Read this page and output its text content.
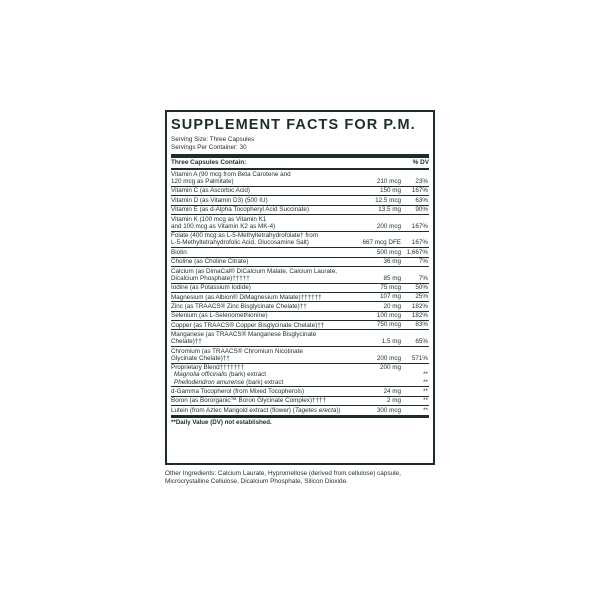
SUPPLEMENT FACTS FOR P.M.
Serving Size: Three Capsules
Servings Per Container: 30
Three Capsules Contain:	% DV
Vitamin A (90 mcg from Beta Carotene and
120 mcg as Palmitate)	210 mcg 23%
Vitamin C (as Ascorbic Acid)	150 mg 167%
Vitamin D (as Vitamin D3) (500 IU)	12.5 mcg 63%
Vitamin E (as d-Alpha Tocopheryl Acid Succinate)	13.5 mg 90%
Vitamin K (100 mcg as Vitamin K1
and 100 mcg as Vitamin K2 as MK-4)	200 mcg 167%
Folate (400 mcg as L-5-Methyltetrahydrofolate† from
L-5-Methyltetrahydrofolic Acid, Glucosamine Salt)	667 mcg DFE 167%
Biotin	500 mcg 1,667%
Choline (as Choline Citrate)	36 mg	7%
Calcium (as DimaCal® DiCalcium Malate, Calcium Laurate,
Dicalcium Phosphate)†††††	85 mg	7%
Iodine (as Potassium Iodide)	75 mcg 50%
Magnesium (as Albion® DiMagnesium Malate)††††††	107 mg 25%
Zinc (as TRAACS® Zinc Bisglycinate Chelate)††	20 mg 182%
Selenium (as L-Selenomethionine)	100 mcg 182%
Copper (as TRAACS® Copper Bisglycinate Chelate)††	750 mcg 83%
Manganese (as TRAACS® Manganese Bisglycinate Chelate)††	1.5 mg 65%
Chromium (as TRAACS® Chromium Nicotinate
Glycinate Chelate)††	200 mcg 571%
Proprietary Blend†††††††	200 mg
Magnolia officinalis (bark) extract	**
Phellodendron amurense (bark) extract	**
d-Gamma Tocopherol (from Mixed Tocopherols)	24 mg	**
Boron (as Bororganic™ Boron Glycinate Complex)††††	2 mg	**
Lutein (from Aztec Marigold extract (flower) (Tagetes erecta))	300 mcg	**
**Daily Value (DV) not established.
Other Ingredients: Calcium Laurate, Hypromellose (derived from cellulose) capsule, Microcrystalline Cellulose, Dicalcium Phosphate, Silicon Dioxide.
